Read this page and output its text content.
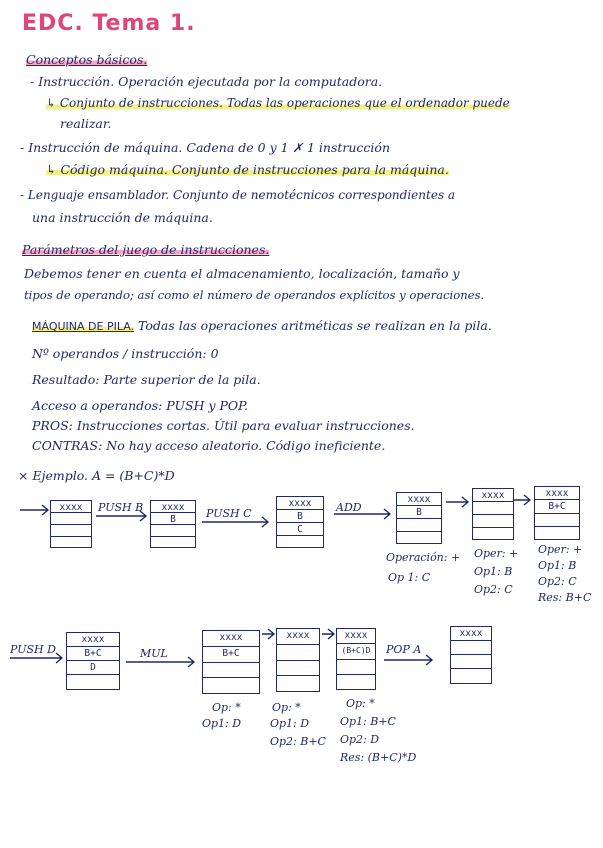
EDC. Tema 1.
Conceptos básicos.
- Instrucción. Operación ejecutada por la computadora.
↳ Conjunto de instrucciones. Todas las operaciones que el ordenador puede
realizar.
- Instrucción de máquina. Cadena de 0 y 1 ✗ 1 instrucción
↳ Código máquina. Conjunto de instrucciones para la máquina.
- Lenguaje ensamblador. Conjunto de nemotécnicos correspondientes a
una instrucción de máquina.
Parámetros del juego de instrucciones.
Debemos tener en cuenta el almacenamiento, localización, tamaño y
tipos de operando; así como el número de operandos explícitos y operaciones.
MÁQUINA DE PILA. Todas las operaciones aritméticas se realizan en la pila.
Nº operandos / instrucción: 0
Resultado: Parte superior de la pila.
Acceso a operandos: PUSH y POP.
PROS: Instrucciones cortas. Útil para evaluar instrucciones.
CONTRAS: No hay acceso aleatorio. Código ineficiente.
× Ejemplo. A = (B+C)*D
PUSH B	PUSH C	ADD
xxxx	xxxx
B
xxxx
B
C
xxxx
B
xxxx	xxxx
B+C
Operación: +
Op 1: C
Oper: +
Op1: B
Op2: C
Oper: +
Op1: B
Op2: C
Res: B+C
PUSH D	MUL	POP A
xxxx
B+C
D
xxxx
B+C
xxxx	xxxx
(B+C)D
xxxx
Op: *
Op1: D
Op: *
Op1: D
Op2: B+C
Op: *
Op1: B+C
Op2: D
Res: (B+C)*D
